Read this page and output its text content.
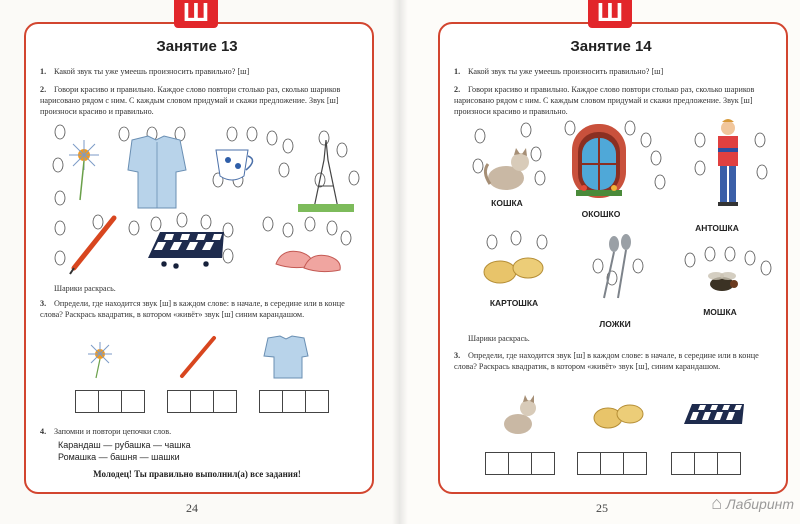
Ш
Занятие 13
1. Какой звук ты уже умеешь произносить правильно? [ш]
2. Говори красиво и правильно. Каждое слово повтори столько раз, сколько шариков нарисовано рядом с ним. С каждым словом придумай и скажи предложение. Звук [ш] произноси красиво и правильно.
Шарики раскрась.
3. Определи, где находится звук [ш] в каждом слове: в начале, в середине или в конце слова? Раскрась квадратик, в котором «живёт» звук [ш] синим карандашом.
4. Запомни и повтори цепочки слов.
Карандаш — рубашка — чашка
Ромашка — башня — шашки
Молодец! Ты правильно выполнил(а) все задания!
24
Ш
Занятие 14
1. Какой звук ты уже умеешь произносить правильно? [ш]
2. Говори красиво и правильно. Каждое слово повтори столько раз, сколько шариков нарисовано рядом с ним. С каждым словом придумай и скажи предложение. Звук [ш] произноси красиво и правильно.
КОШКА
ОКОШКО
АНТОШКА
КАРТОШКА
ЛОЖКИ
МОШКА
Шарики раскрась.
3. Определи, где находится звук [ш] в каждом слове: в начале, в середине или в конце слова? Раскрась квадратик, в котором «живёт» звук [ш], синим карандашом.
25	⌂ Лабиринт
